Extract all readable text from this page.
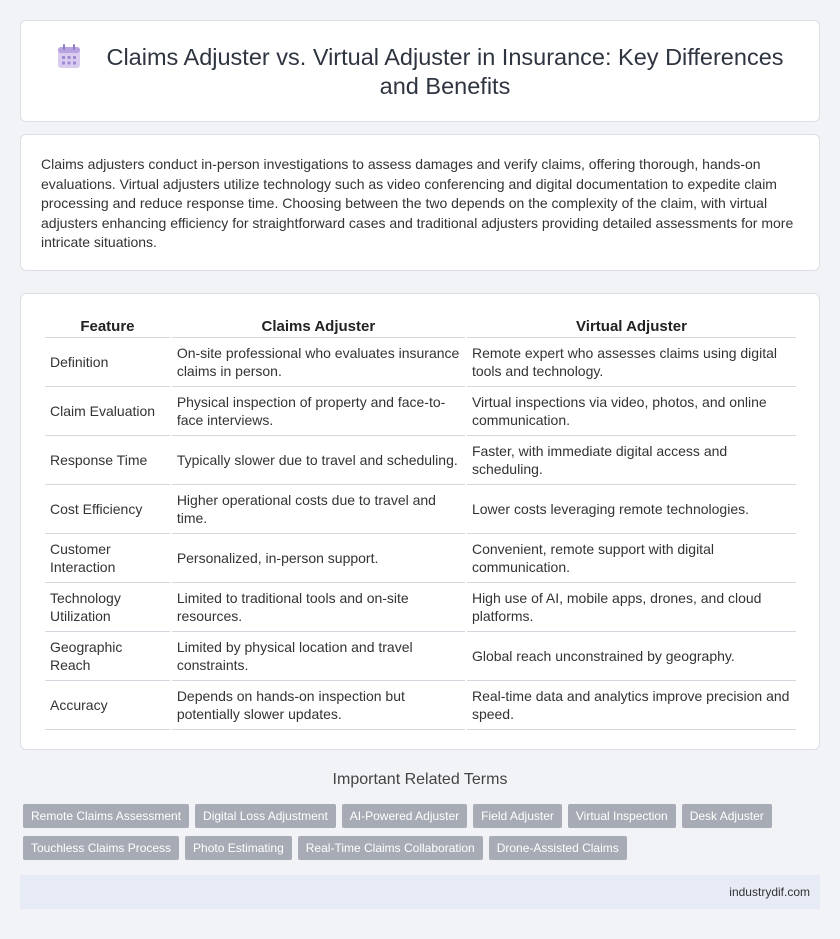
Claims Adjuster vs. Virtual Adjuster in Insurance: Key Differences and Benefits

Claims adjusters conduct in-person investigations to assess damages and verify claims, offering thorough, hands-on evaluations. Virtual adjusters utilize technology such as video conferencing and digital documentation to expedite claim processing and reduce response time. Choosing between the two depends on the complexity of the claim, with virtual adjusters enhancing efficiency for straightforward cases and traditional adjusters providing detailed assessments for more intricate situations.

Feature	Claims Adjuster	Virtual Adjuster
Definition	On-site professional who evaluates insurance claims in person.	Remote expert who assesses claims using digital tools and technology.
Claim Evaluation	Physical inspection of property and face-to-face interviews.	Virtual inspections via video, photos, and online communication.
Response Time	Typically slower due to travel and scheduling.	Faster, with immediate digital access and scheduling.
Cost Efficiency	Higher operational costs due to travel and time.	Lower costs leveraging remote technologies.
Customer Interaction	Personalized, in-person support.	Convenient, remote support with digital communication.
Technology Utilization	Limited to traditional tools and on-site resources.	High use of AI, mobile apps, drones, and cloud platforms.
Geographic Reach	Limited by physical location and travel constraints.	Global reach unconstrained by geography.
Accuracy	Depends on hands-on inspection but potentially slower updates.	Real-time data and analytics improve precision and speed.
Important Related Terms
Remote Claims Assessment Digital Loss Adjustment AI-Powered Adjuster Field Adjuster Virtual Inspection Desk Adjuster
Touchless Claims Process Photo Estimating Real-Time Claims Collaboration Drone-Assisted Claims
industrydif.com
